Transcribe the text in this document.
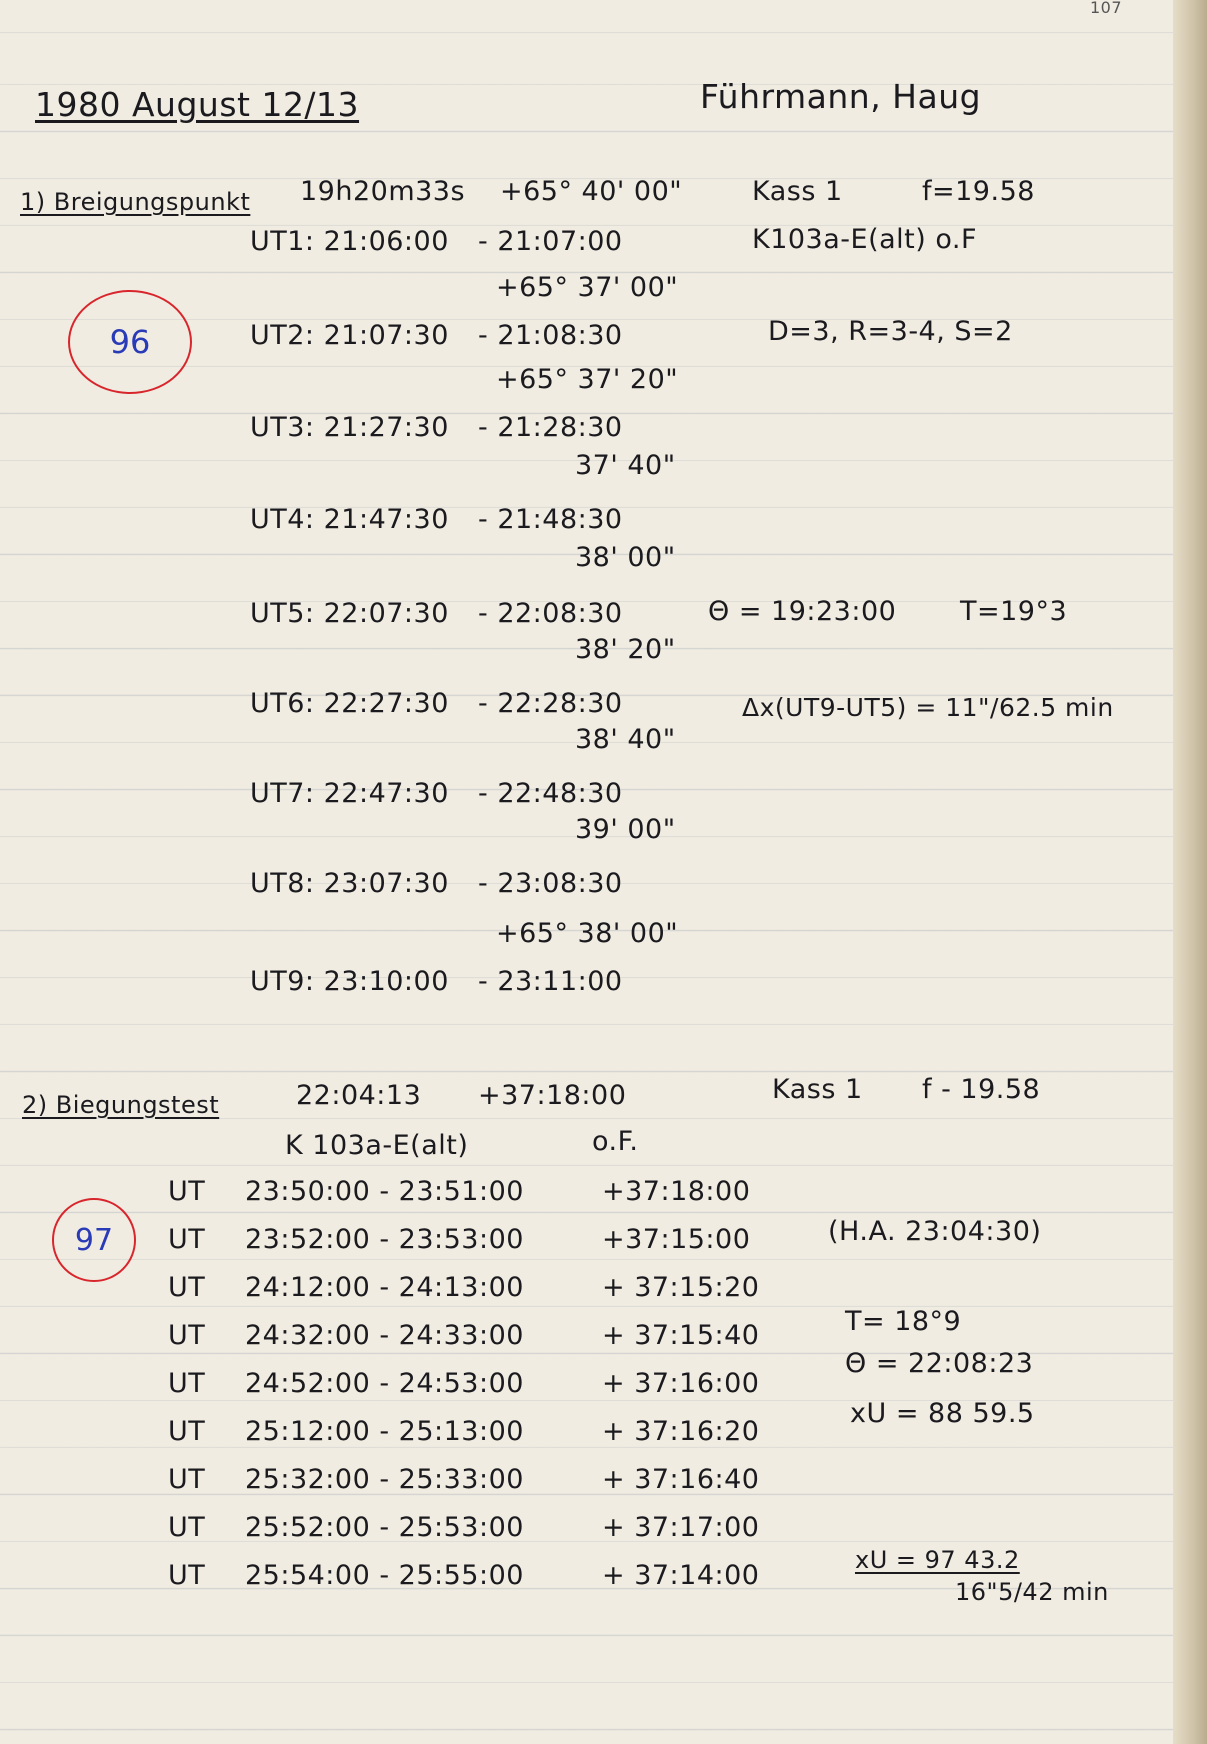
107
1980 August 12/13	Führmann, Haug
1) Breigungspunkt 19h20m33s +65° 40' 00"	Kass 1	f=19.58
K103a-E(alt) o.F
D=3, R=3-4, S=2
Θ = 19:23:00 T=19°3
Δx(UT9-UT5) = 11"/62.5 min
96
2) Biegungstest	22:04:13 +37:18:00	Kass 1 f - 19.58
K 103a-E(alt)	o.F.
97	(H.A. 23:04:30)
T= 18°9
Θ = 22:08:23
xU = 88 59.5
xU = 97 43.2
16"5/42 min
UT1: 21:06:00 - 21:07:00
+65° 37' 00"
UT2: 21:07:30 - 21:08:30
+65° 37' 20"
UT3: 21:27:30 - 21:28:30
37' 40"
UT4: 21:47:30 - 21:48:30
38' 00"
UT5: 22:07:30 - 22:08:30
38' 20"
UT6: 22:27:30 - 22:28:30
38' 40"
UT7: 22:47:30 - 22:48:30
39' 00"
UT8: 23:07:30 - 23:08:30
+65° 38' 00"
UT9: 23:10:00 - 23:11:00
UT 23:50:00 - 23:51:00	+37:18:00
UT 23:52:00 - 23:53:00	+37:15:00
UT 24:12:00 - 24:13:00	+ 37:15:20
UT 24:32:00 - 24:33:00	+ 37:15:40
UT 24:52:00 - 24:53:00	+ 37:16:00
UT 25:12:00 - 25:13:00	+ 37:16:20
UT 25:32:00 - 25:33:00	+ 37:16:40
UT 25:52:00 - 25:53:00	+ 37:17:00
UT 25:54:00 - 25:55:00	+ 37:14:00
